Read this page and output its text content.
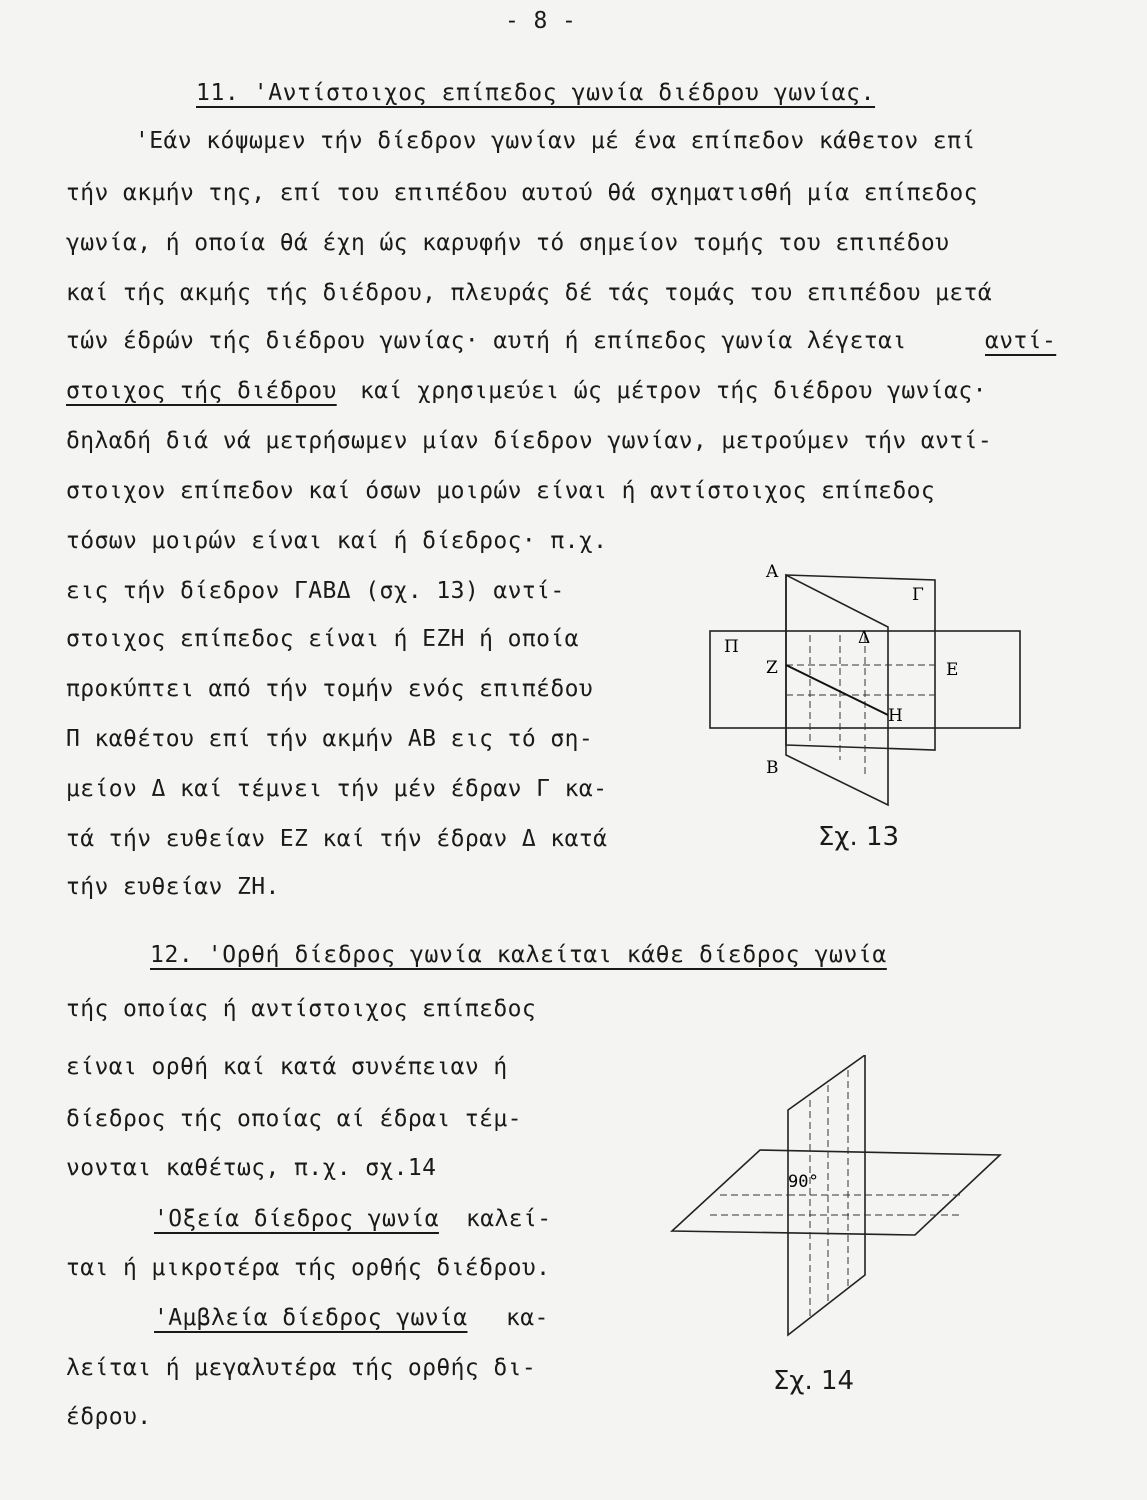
- 8 -
11. 'Αντίστοιχος επίπεδος γωνία διέδρου γωνίας.
'Εάν κόψωμεν τήν δίεδρον γωνίαν μέ ένα επίπεδον κάθετον επί
τήν ακμήν της, επί του επιπέδου αυτού θά σχηματισθή μία επίπεδος
γωνία, ή οποία θά έχη ώς καρυφήν τό σημείον τομής του επιπέδου
καί τής ακμής τής διέδρου, πλευράς δέ τάς τομάς του επιπέδου μετά
τών έδρών τής διέδρου γωνίας· αυτή ή επίπεδος γωνία λέγεται	αντί-
στοιχος τής διέδρου καί χρησιμεύει ώς μέτρον τής διέδρου γωνίας·
δηλαδή διά νά μετρήσωμεν μίαν δίεδρον γωνίαν, μετρούμεν τήν αντί-
στοιχον επίπεδον καί όσων μοιρών είναι ή αντίστοιχος επίπεδος
τόσων μοιρών είναι καί ή δίεδρος· π.χ.
εις τήν δίεδρον ΓΑΒΔ (σχ. 13) αντί-
στοιχος επίπεδος είναι ή ΕΖΗ ή οποία
προκύπτει από τήν τομήν ενός επιπέδου
Π καθέτου επί τήν ακμήν ΑΒ εις τό ση-
μείον Δ καί τέμνει τήν μέν έδραν Γ κα-
τά τήν ευθείαν ΕΖ καί τήν έδραν Δ κατά
τήν ευθείαν ΖΗ.
Α
Γ
Δ
Π
Ζ	Ε
Η
Β
Σχ. 13
12. 'Ορθή δίεδρος γωνία καλείται κάθε δίεδρος γωνία
τής οποίας ή αντίστοιχος επίπεδος
είναι ορθή καί κατά συνέπειαν ή
δίεδρος τής οποίας αί έδραι τέμ-
νονται καθέτως, π.χ. σχ.14
'Οξεία δίεδρος γωνία καλεί-
ται ή μικροτέρα τής ορθής διέδρου.
'Αμβλεία δίεδρος γωνία κα-
λείται ή μεγαλυτέρα τής ορθής δι-
έδρου.
90°
Σχ. 14
